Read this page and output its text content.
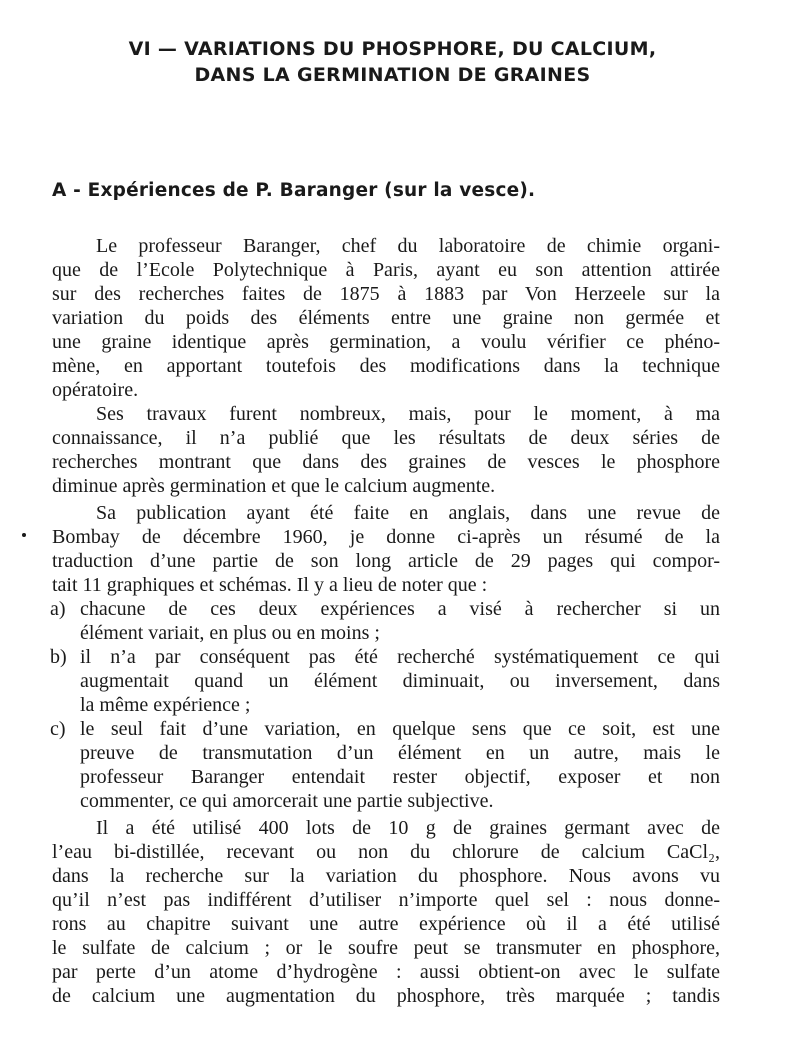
VI — VARIATIONS DU PHOSPHORE, DU CALCIUM,
DANS LA GERMINATION DE GRAINES
A - Expériences de P. Baranger (sur la vesce).
Le professeur Baranger, chef du laboratoire de chimie organi-
que de l’Ecole Polytechnique à Paris, ayant eu son attention attirée
sur des recherches faites de 1875 à 1883 par Von Herzeele sur la
variation du poids des éléments entre une graine non germée et
une graine identique après germination, a voulu vérifier ce phéno-
mène, en apportant toutefois des modifications dans la technique
opératoire.
Ses travaux furent nombreux, mais, pour le moment, à ma
connaissance, il n’a publié que les résultats de deux séries de
recherches montrant que dans des graines de vesces le phosphore
diminue après germination et que le calcium augmente.
Sa publication ayant été faite en anglais, dans une revue de
Bombay de décembre 1960, je donne ci-après un résumé de la
traduction d’une partie de son long article de 29 pages qui compor-
tait 11 graphiques et schémas. Il y a lieu de noter que :
a) chacune de ces deux expériences a visé à rechercher si un
élément variait, en plus ou en moins ;
b) il n’a par conséquent pas été recherché systématiquement ce qui
augmentait quand un élément diminuait, ou inversement, dans
la même expérience ;
c) le seul fait d’une variation, en quelque sens que ce soit, est une
preuve de transmutation d’un élément en un autre, mais le
professeur Baranger entendait rester objectif, exposer et non
commenter, ce qui amorcerait une partie subjective.
Il a été utilisé 400 lots de 10 g de graines germant avec de
l’eau bi-distillée, recevant ou non du chlorure de calcium CaCl₂,
dans la recherche sur la variation du phosphore. Nous avons vu
qu’il n’est pas indifférent d’utiliser n’importe quel sel : nous donne-
rons au chapitre suivant une autre expérience où il a été utilisé
le sulfate de calcium ; or le soufre peut se transmuter en phosphore,
par perte d’un atome d’hydrogène : aussi obtient-on avec le sulfate
de calcium une augmentation du phosphore, très marquée ; tandis
